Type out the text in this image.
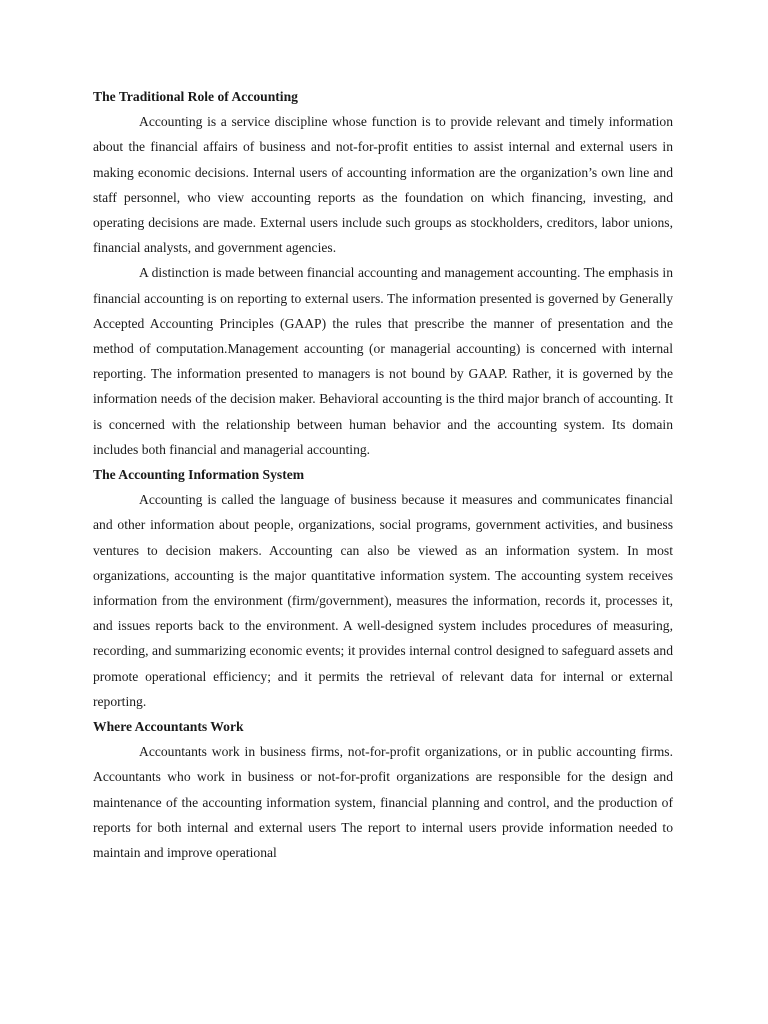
The Traditional Role of Accounting

Accounting is a service discipline whose function is to provide relevant and timely information about the financial affairs of business and not-for-profit entities to assist internal and external users in making economic decisions. Internal users of accounting information are the organization’s own line and staff personnel, who view accounting reports as the foundation on which financing, investing, and operating decisions are made. External users include such groups as stockholders, creditors, labor unions, financial analysts, and government agencies.

A distinction is made between financial accounting and management accounting. The emphasis in financial accounting is on reporting to external users. The information presented is governed by Generally Accepted Accounting Principles (GAAP) the rules that prescribe the manner of presentation and the method of computation.Management accounting (or managerial accounting) is concerned with internal reporting. The information presented to managers is not bound by GAAP. Rather, it is governed by the information needs of the decision maker. Behavioral accounting is the third major branch of accounting. It is concerned with the relationship between human behavior and the accounting system. Its domain includes both financial and managerial accounting.

The Accounting Information System

Accounting is called the language of business because it measures and communicates financial and other information about people, organizations, social programs, government activities, and business ventures to decision makers. Accounting can also be viewed as an information system. In most organizations, accounting is the major quantitative information system. The accounting system receives information from the environment (firm/government), measures the information, records it, processes it, and issues reports back to the environment. A well-designed system includes procedures of measuring, recording, and summarizing economic events; it provides internal control designed to safeguard assets and promote operational efficiency; and it permits the retrieval of relevant data for internal or external reporting.

Where Accountants Work

Accountants work in business firms, not-for-profit organizations, or in public accounting firms. Accountants who work in business or not-for-profit organizations are responsible for the design and maintenance of the accounting information system, financial planning and control, and the production of reports for both internal and external users The report to internal users provide information needed to maintain and improve operational
